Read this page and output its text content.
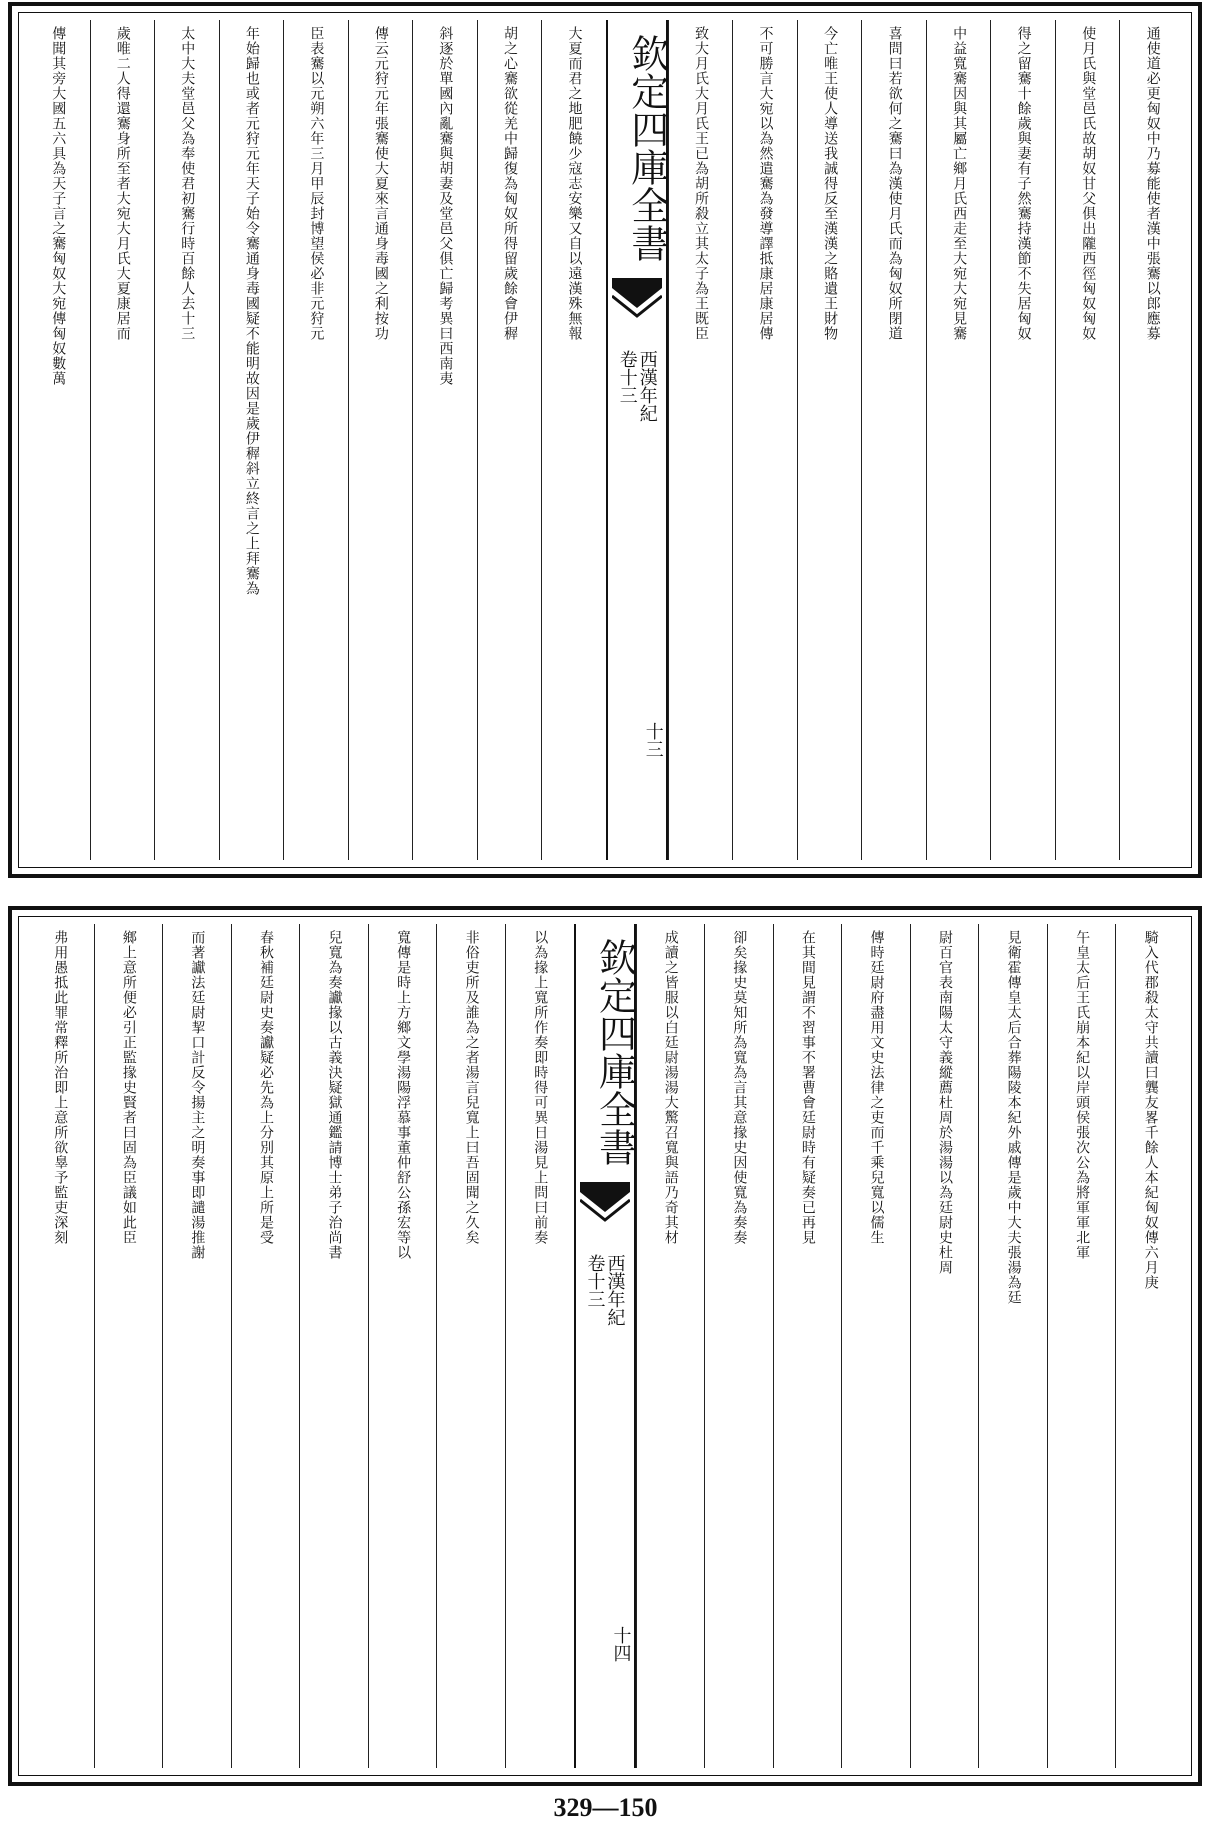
通使道必更匈奴中乃募能使者漢中張騫以郎應募
使月氏與堂邑氏故胡奴甘父俱出隴西徑匈奴匈奴
得之留騫十餘歲與妻有子然騫持漢節不失居匈奴
中益寬騫因與其屬亡鄉月氏西走至大宛大宛見騫
喜問曰若欲何之騫曰為漢使月氏而為匈奴所閉道
今亡唯王使人導送我誠得反至漢漢之賂遺王財物
不可勝言大宛以為然遣騫為發導譯抵康居康居傳
致大月氏大月氏王已為胡所殺立其太子為王既臣
欽定四庫全書
西漢年紀
卷十三
十三
大夏而君之地肥饒少寇志安樂又自以遠漢殊無報
胡之心騫欲從羌中歸復為匈奴所得留歲餘會伊稺
斜逐於單國內亂騫與胡妻及堂邑父俱亡歸考異曰西南夷
傳云元狩元年張騫使大夏來言通身毒國之利按功
臣表騫以元朔六年三月甲辰封博望侯必非元狩元
年始歸也或者元狩元年天子始令騫通身毒國疑不能明故因是歲伊稺斜立終言之上拜騫為
太中大夫堂邑父為奉使君初騫行時百餘人去十三
歲唯二人得還騫身所至者大宛大月氏大夏康居而
傳聞其旁大國五六具為天子言之騫匈奴大宛傳匈奴數萬
騎入代郡殺太守共讀曰龔友畧千餘人本紀匈奴傳六月庚
午皇太后王氏崩本紀以岸頭侯張次公為將軍軍北軍
見衛霍傳皇太后合葬陽陵本紀外戚傳是歲中大夫張湯為廷
尉百官表南陽太守義縱薦杜周於湯湯以為廷尉史杜周
傳時廷尉府盡用文史法律之吏而千乘兒寬以儒生
在其間見謂不習事不署曹會廷尉時有疑奏已再見
卻矣掾史莫知所為寬為言其意掾史因使寬為奏奏
成讀之皆服以白廷尉湯湯大驚召寬與語乃奇其材
欽定四庫全書
西漢年紀
卷十三
十四
以為掾上寬所作奏即時得可異日湯見上問曰前奏
非俗吏所及誰為之者湯言兒寬上曰吾固聞之久矣
寬傳是時上方鄉文學湯陽浮慕事董仲舒公孫宏等以
兒寬為奏讞掾以古義決疑獄通鑑請博士弟子治尚書
春秋補廷尉史奏讞疑必先為上分別其原上所是受
而著讞法廷尉挈口計反令揚主之明奏事即譴湯推謝
鄉上意所便必引正監掾史賢者曰固為臣議如此臣
弗用愚抵此罪常釋所治即上意所欲辠予監吏深刻
329—150
